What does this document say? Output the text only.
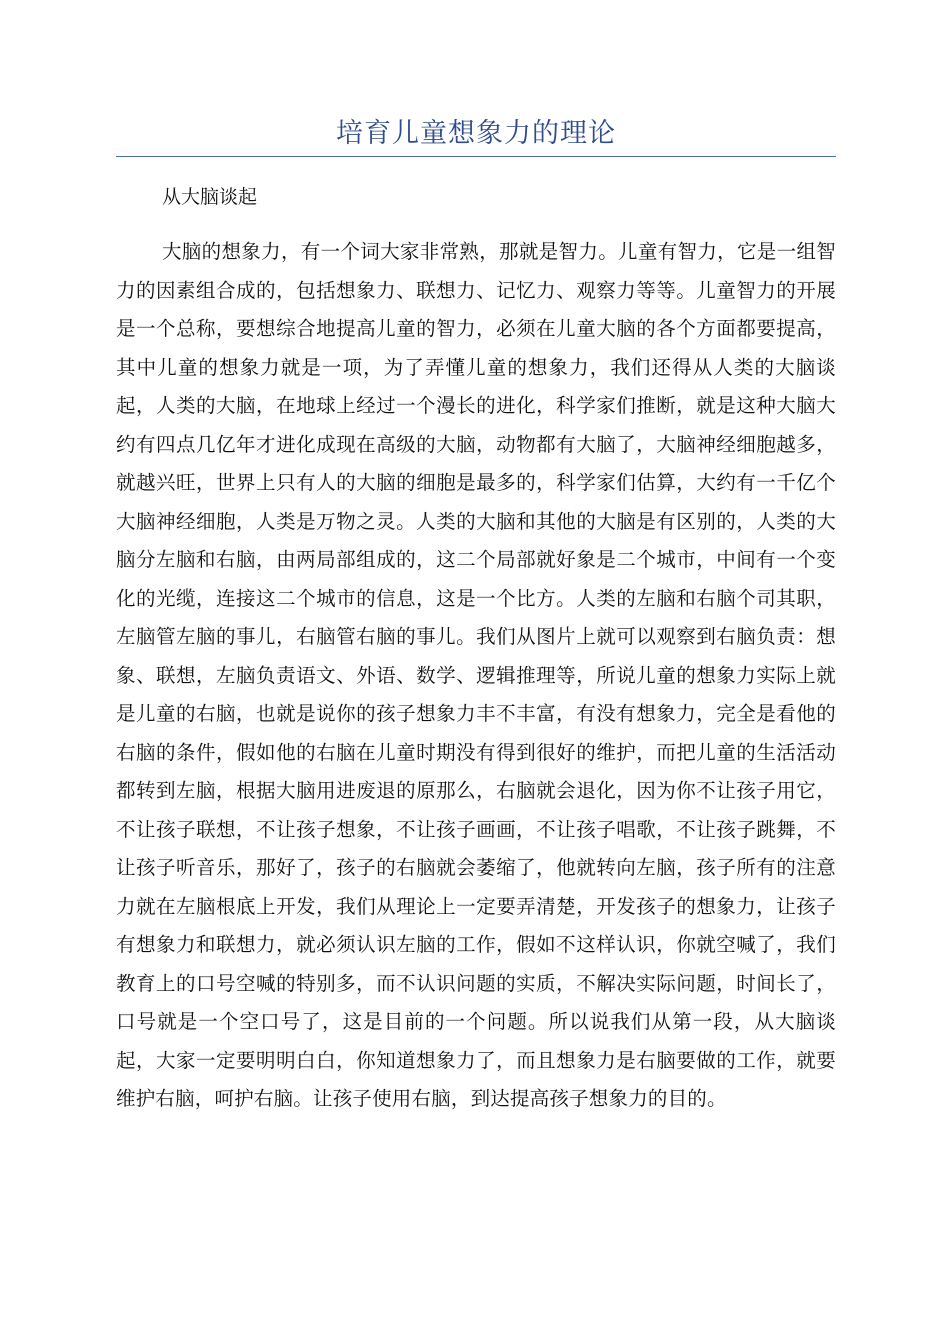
培育儿童想象力的理论

从大脑谈起

大脑的想象力，有一个词大家非常熟，那就是智力。儿童有智力，它是一组智力的因素组合成的，包括想象力、联想力、记忆力、观察力等等。儿童智力的开展是一个总称，要想综合地提高儿童的智力，必须在儿童大脑的各个方面都要提高，其中儿童的想象力就是一项，为了弄懂儿童的想象力，我们还得从人类的大脑谈起，人类的大脑，在地球上经过一个漫长的进化，科学家们推断，就是这种大脑大约有四点几亿年才进化成现在高级的大脑，动物都有大脑了，大脑神经细胞越多，就越兴旺，世界上只有人的大脑的细胞是最多的，科学家们估算，大约有一千亿个大脑神经细胞，人类是万物之灵。人类的大脑和其他的大脑是有区别的，人类的大脑分左脑和右脑，由两局部组成的，这二个局部就好象是二个城市，中间有一个变化的光缆，连接这二个城市的信息，这是一个比方。人类的左脑和右脑个司其职，左脑管左脑的事儿，右脑管右脑的事儿。我们从图片上就可以观察到右脑负责：想象、联想，左脑负责语文、外语、数学、逻辑推理等，所说儿童的想象力实际上就是儿童的右脑，也就是说你的孩子想象力丰不丰富，有没有想象力，完全是看他的右脑的条件，假如他的右脑在儿童时期没有得到很好的维护，而把儿童的生活活动都转到左脑，根据大脑用进废退的原那么，右脑就会退化，因为你不让孩子用它，不让孩子联想，不让孩子想象，不让孩子画画，不让孩子唱歌，不让孩子跳舞，不让孩子听音乐，那好了，孩子的右脑就会萎缩了，他就转向左脑，孩子所有的注意力就在左脑根底上开发，我们从理论上一定要弄清楚，开发孩子的想象力，让孩子有想象力和联想力，就必须认识左脑的工作，假如不这样认识，你就空喊了，我们教育上的口号空喊的特别多，而不认识问题的实质，不解决实际问题，时间长了，口号就是一个空口号了，这是目前的一个问题。所以说我们从第一段，从大脑谈起，大家一定要明明白白，你知道想象力了，而且想象力是右脑要做的工作，就要维护右脑，呵护右脑。让孩子使用右脑，到达提高孩子想象力的目的。
